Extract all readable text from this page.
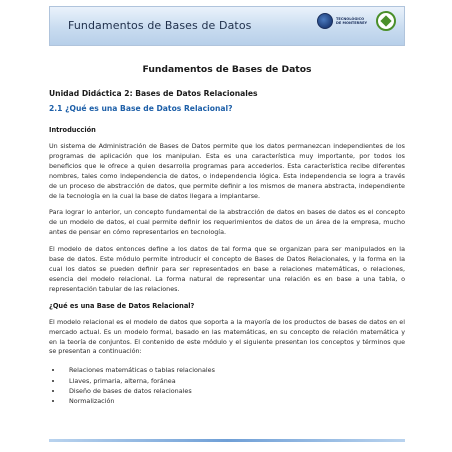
Fundamentos de Bases de Datos	TECNOLÓGICO DE MONTERREY
Fundamentos de Bases de Datos
Unidad Didáctica 2: Bases de Datos Relacionales
2.1 ¿Qué es una Base de Datos Relacional?
Introducción

Un sistema de Administración de Bases de Datos permite que los datos permanezcan independientes de los programas de aplicación que los manipulan. Esta es una característica muy importante, por todos los beneficios que le ofrece a quien desarrolla programas para accederlos. Esta característica recibe diferentes nombres, tales como independencia de datos, o independencia lógica. Esta independencia se logra a través de un proceso de abstracción de datos, que permite definir a los mismos de manera abstracta, independiente de la tecnología en la cual la base de datos llegara a implantarse.

Para lograr lo anterior, un concepto fundamental de la abstracción de datos en bases de datos es el concepto de un modelo de datos, el cual permite definir los requerimientos de datos de un área de la empresa, mucho antes de pensar en cómo representarlos en tecnología.

El modelo de datos entonces define a los datos de tal forma que se organizan para ser manipulados en la base de datos. Este módulo permite introducir el concepto de Bases de Datos Relacionales, y la forma en la cual los datos se pueden definir para ser representados en base a relaciones matemáticas, o relaciones, esencia del modelo relacional. La forma natural de representar una relación es en base a una tabla, o representación tabular de las relaciones.

¿Qué es una Base de Datos Relacional?

El modelo relacional es el modelo de datos que soporta a la mayoría de los productos de bases de datos en el mercado actual. Es un modelo formal, basado en las matemáticas, en su concepto de relación matemática y en la teoría de conjuntos. El contenido de este módulo y el siguiente presentan los conceptos y términos que se presentan a continuación:

• Relaciones matemáticas o tablas relacionales
• Llaves, primaria, alterna, foránea
• Diseño de bases de datos relacionales
• Normalización
